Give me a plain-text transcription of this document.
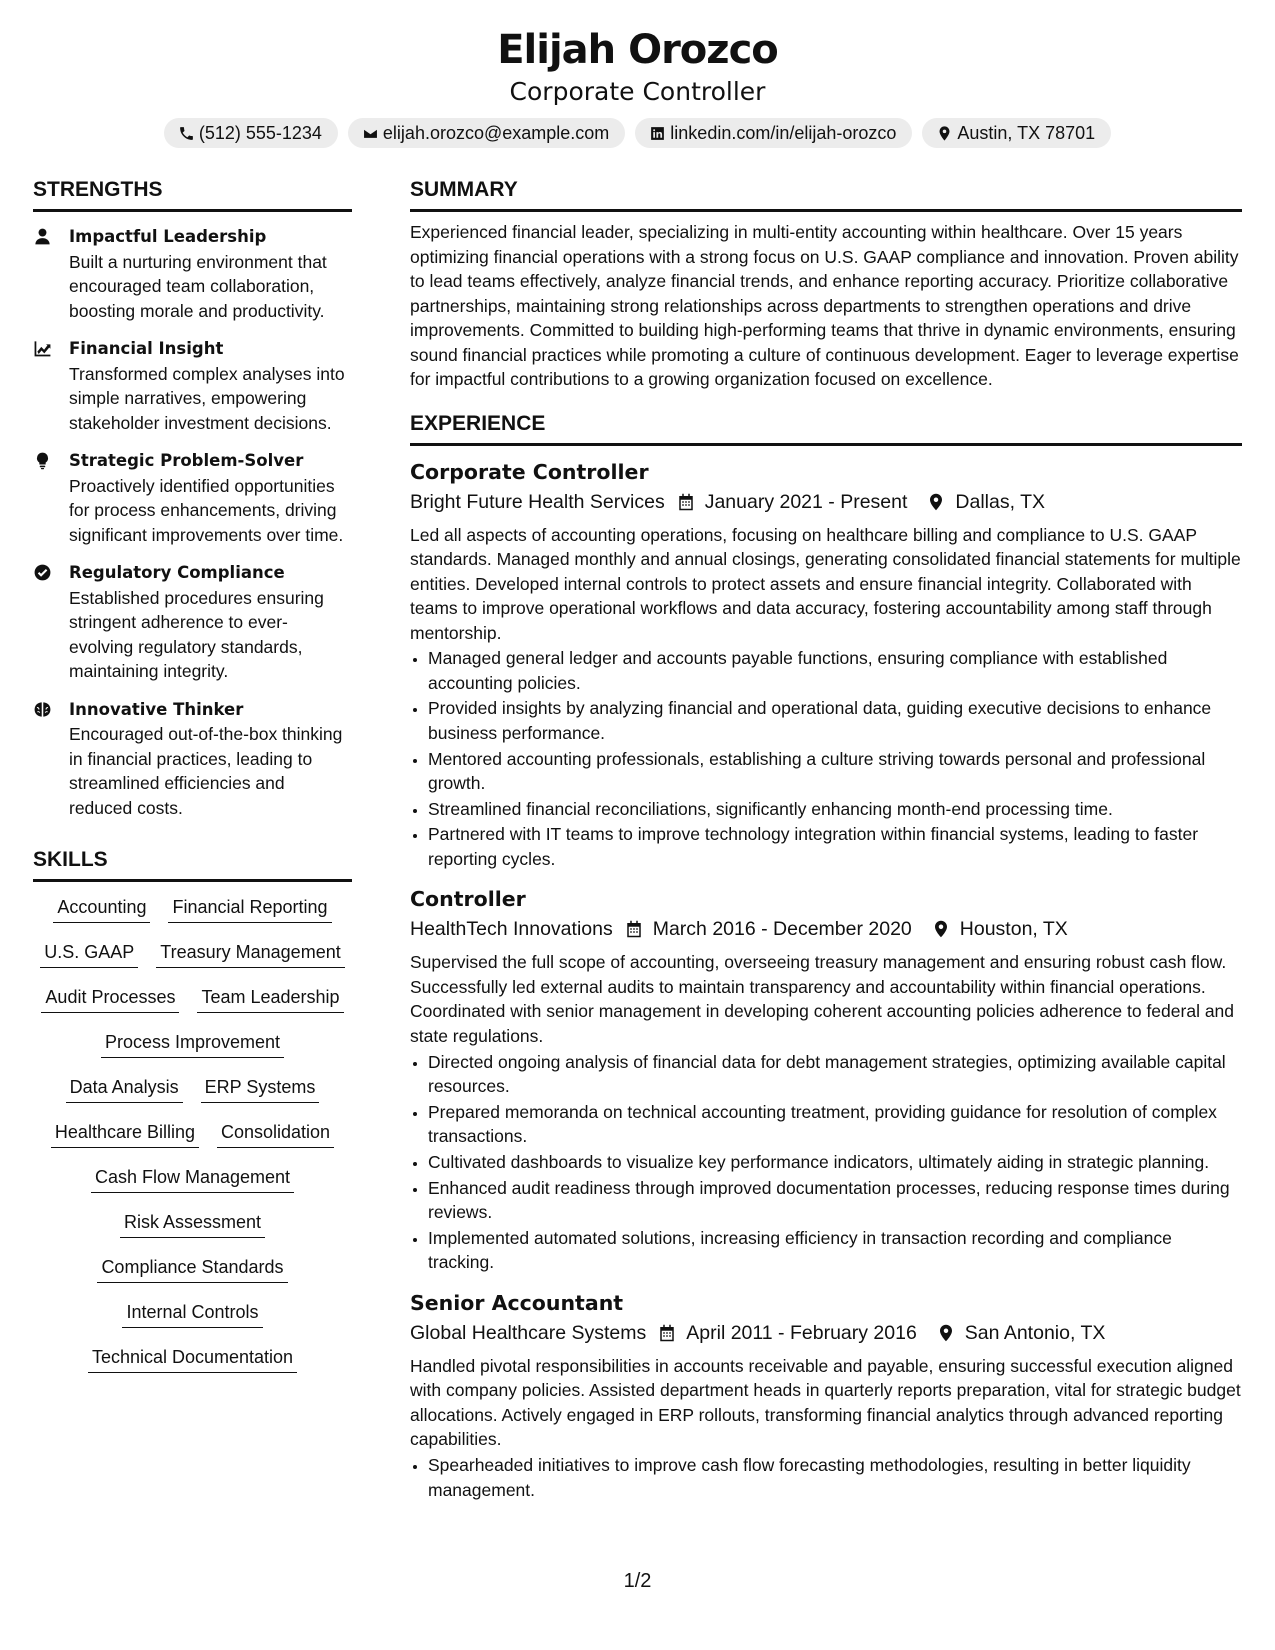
Elijah Orozco
Corporate Controller
(512) 555-1234	elijah.orozco@example.com	linkedin.com/in/elijah-orozco	Austin, TX 78701
STRENGTHS
Impactful Leadership
Built a nurturing environment that encouraged team collaboration, boosting morale and productivity.
Financial Insight
Transformed complex analyses into simple narratives, empowering stakeholder investment decisions.
Strategic Problem-Solver
Proactively identified opportunities for process enhancements, driving significant improvements over time.
Regulatory Compliance
Established procedures ensuring stringent adherence to ever-evolving regulatory standards, maintaining integrity.
Innovative Thinker
Encouraged out-of-the-box thinking in financial practices, leading to streamlined efficiencies and reduced costs.
SKILLS
Accounting Financial Reporting
U.S. GAAP Treasury Management
Audit Processes Team Leadership
Process Improvement
Data Analysis ERP Systems
Healthcare Billing Consolidation
Cash Flow Management
Risk Assessment
Compliance Standards
Internal Controls
Technical Documentation
SUMMARY
Experienced financial leader, specializing in multi-entity accounting within healthcare. Over 15 years optimizing financial operations with a strong focus on U.S. GAAP compliance and innovation. Proven ability to lead teams effectively, analyze financial trends, and enhance reporting accuracy. Prioritize collaborative partnerships, maintaining strong relationships across departments to strengthen operations and drive improvements. Committed to building high-performing teams that thrive in dynamic environments, ensuring sound financial practices while promoting a culture of continuous development. Eager to leverage expertise for impactful contributions to a growing organization focused on excellence.
EXPERIENCE
Corporate Controller
Bright Future Health Services January 2021 - Present Dallas, TX
Led all aspects of accounting operations, focusing on healthcare billing and compliance to U.S. GAAP standards. Managed monthly and annual closings, generating consolidated financial statements for multiple entities. Developed internal controls to protect assets and ensure financial integrity. Collaborated with teams to improve operational workflows and data accuracy, fostering accountability among staff through mentorship.
• Managed general ledger and accounts payable functions, ensuring compliance with established accounting policies.
• Provided insights by analyzing financial and operational data, guiding executive decisions to enhance business performance.
• Mentored accounting professionals, establishing a culture striving towards personal and professional growth.
• Streamlined financial reconciliations, significantly enhancing month-end processing time.
• Partnered with IT teams to improve technology integration within financial systems, leading to faster reporting cycles.
Controller
HealthTech Innovations March 2016 - December 2020 Houston, TX
Supervised the full scope of accounting, overseeing treasury management and ensuring robust cash flow. Successfully led external audits to maintain transparency and accountability within financial operations. Coordinated with senior management in developing coherent accounting policies adherence to federal and state regulations.
• Directed ongoing analysis of financial data for debt management strategies, optimizing available capital resources.
• Prepared memoranda on technical accounting treatment, providing guidance for resolution of complex transactions.
• Cultivated dashboards to visualize key performance indicators, ultimately aiding in strategic planning.
• Enhanced audit readiness through improved documentation processes, reducing response times during reviews.
• Implemented automated solutions, increasing efficiency in transaction recording and compliance tracking.
Senior Accountant
Global Healthcare Systems April 2011 - February 2016 San Antonio, TX
Handled pivotal responsibilities in accounts receivable and payable, ensuring successful execution aligned with company policies. Assisted department heads in quarterly reports preparation, vital for strategic budget allocations. Actively engaged in ERP rollouts, transforming financial analytics through advanced reporting capabilities.
• Spearheaded initiatives to improve cash flow forecasting methodologies, resulting in better liquidity management.
1/2
